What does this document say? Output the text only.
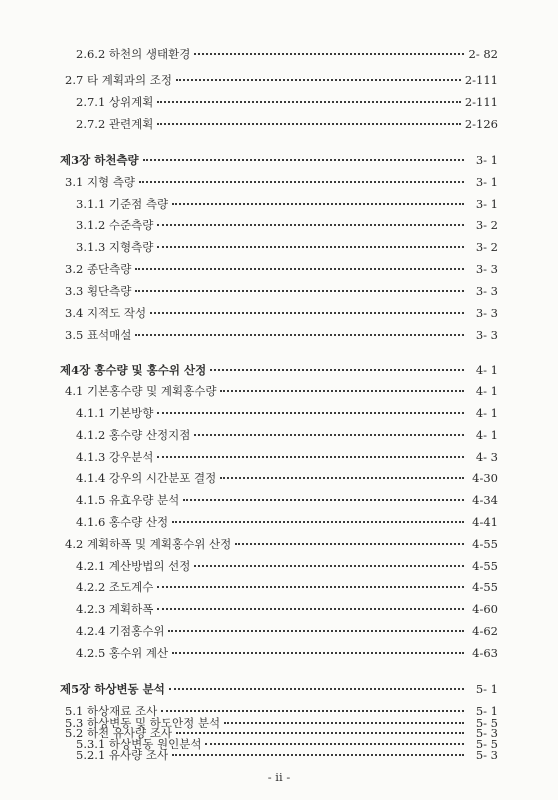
2.6.2 하천의 생태환경	2- 82
2.7 타 계획과의 조정	2-111
2.7.1 상위계획	2-111
2.7.2 관련계획	2-126
제3장 하천측량	3- 1
3.1 지형 측량	3- 1
3.1.1 기준점 측량	3- 1
3.1.2 수준측량	3- 2
3.1.3 지형측량	3- 2
3.2 종단측량	3- 3
3.3 횡단측량	3- 3
3.4 지적도 작성	3- 3
3.5 표석매설	3- 3
제4장 홍수량 및 홍수위 산정	4- 1
4.1 기본홍수량 및 계획홍수량	4- 1
4.1.1 기본방향	4- 1
4.1.2 홍수량 산정지점	4- 1
4.1.3 강우분석	4- 3
4.1.4 강우의 시간분포 결정	4-30
4.1.5 유효우량 분석	4-34
4.1.6 홍수량 산정	4-41
4.2 계획하폭 및 계획홍수위 산정	4-55
4.2.1 계산방법의 선정	4-55
4.2.2 조도계수	4-55
4.2.3 계획하폭	4-60
4.2.4 기점홍수위	4-62
4.2.5 홍수위 계산	4-63
제5장 하상변동 분석	5- 1
5.1 하상재료 조사	5- 1
5.2 하천 유사량 조사	5- 3
5.2.1 유사량 조사	5- 3
5.3 하상변동 및 하도안정 분석	5- 5
5.3.1 하상변동 원인분석	5- 5
- ii -
